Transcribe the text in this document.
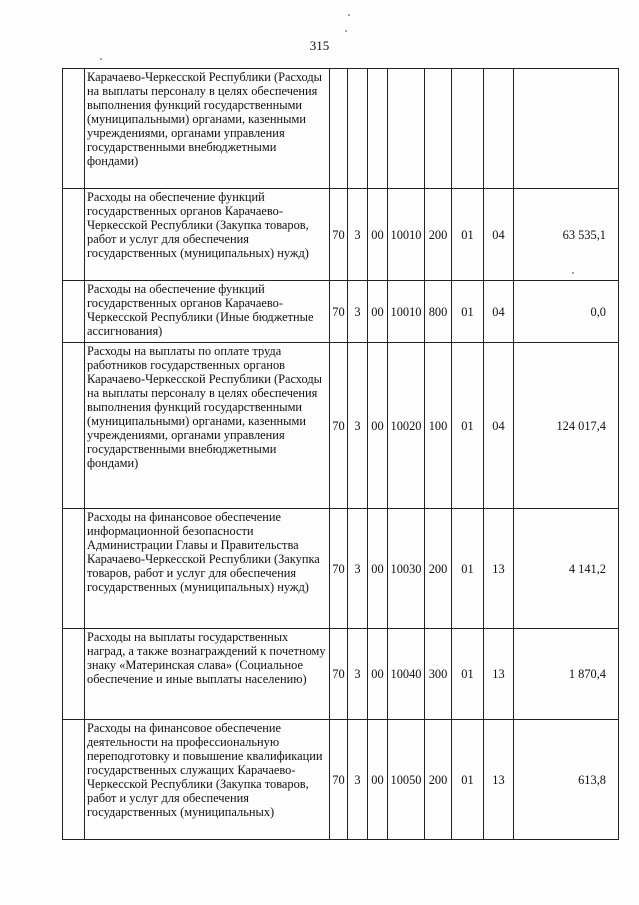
315
	Карачаево-Черкесской Республики (Расходы на выплаты персоналу в целях обеспечения выполнения функций государственными (муниципальными) органами, казенными учреждениями, органами управления государственными внебюджетными фондами)								
	Расходы на обеспечение функций государственных органов Карачаево-Черкесской Республики (Закупка товаров, работ и услуг для обеспечения государственных (муниципальных) нужд)	70	3	00	10010	200	01	04	63 535,1
	Расходы на обеспечение функций государственных органов Карачаево-Черкесской Республики (Иные бюджетные ассигнования)	70	3	00	10010	800	01	04	0,0
	Расходы на выплаты по оплате труда работников государственных органов Карачаево-Черкесской Республики (Расходы на выплаты персоналу в целях обеспечения выполнения функций государственными (муниципальными) органами, казенными учреждениями, органами управления государственными внебюджетными фондами)	70	3	00	10020	100	01	04	124 017,4
	Расходы на финансовое обеспечение информационной безопасности Администрации Главы и Правительства Карачаево-Черкесской Республики (Закупка товаров, работ и услуг для обеспечения государственных (муниципальных) нужд)	70	3	00	10030	200	01	13	4 141,2
	Расходы на выплаты государственных наград, а также вознаграждений к почетному знаку «Материнская слава» (Социальное обеспечение и иные выплаты населению)	70	3	00	10040	300	01	13	1 870,4
	Расходы на финансовое обеспечение деятельности на профессиональную переподготовку и повышение квалификации государственных служащих Карачаево-Черкесской Республики (Закупка товаров, работ и услуг для обеспечения государственных (муниципальных)	70	3	00	10050	200	01	13	613,8
